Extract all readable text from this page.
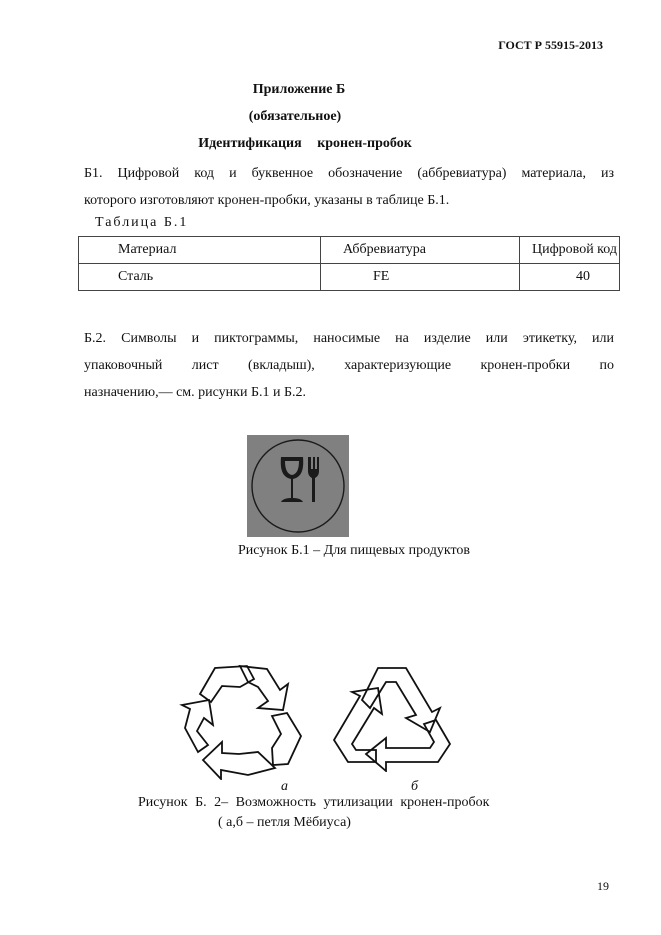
ГОСТ Р 55915-2013
Приложение Б
(обязательное)
Идентификация кронен-пробок
Б1. Цифровой код и буквенное обозначение (аббревиатура) материала, из
которого изготовляют кронен-пробки, указаны в таблице Б.1.
Таблица Б.1
Материал	Аббревиатура	Цифровой код
Сталь	FE	40
Б.2. Символы и пиктограммы, наносимые на изделие или этикетку, или
упаковочный лист (вкладыш), характеризующие кронен-пробки по
назначению,— см. рисунки Б.1 и Б.2.
Рисунок Б.1 – Для пищевых продуктов
а	б
Рисунок Б. 2– Возможность утилизации кронен-пробок
( а,б – петля Мёбиуса)
19
